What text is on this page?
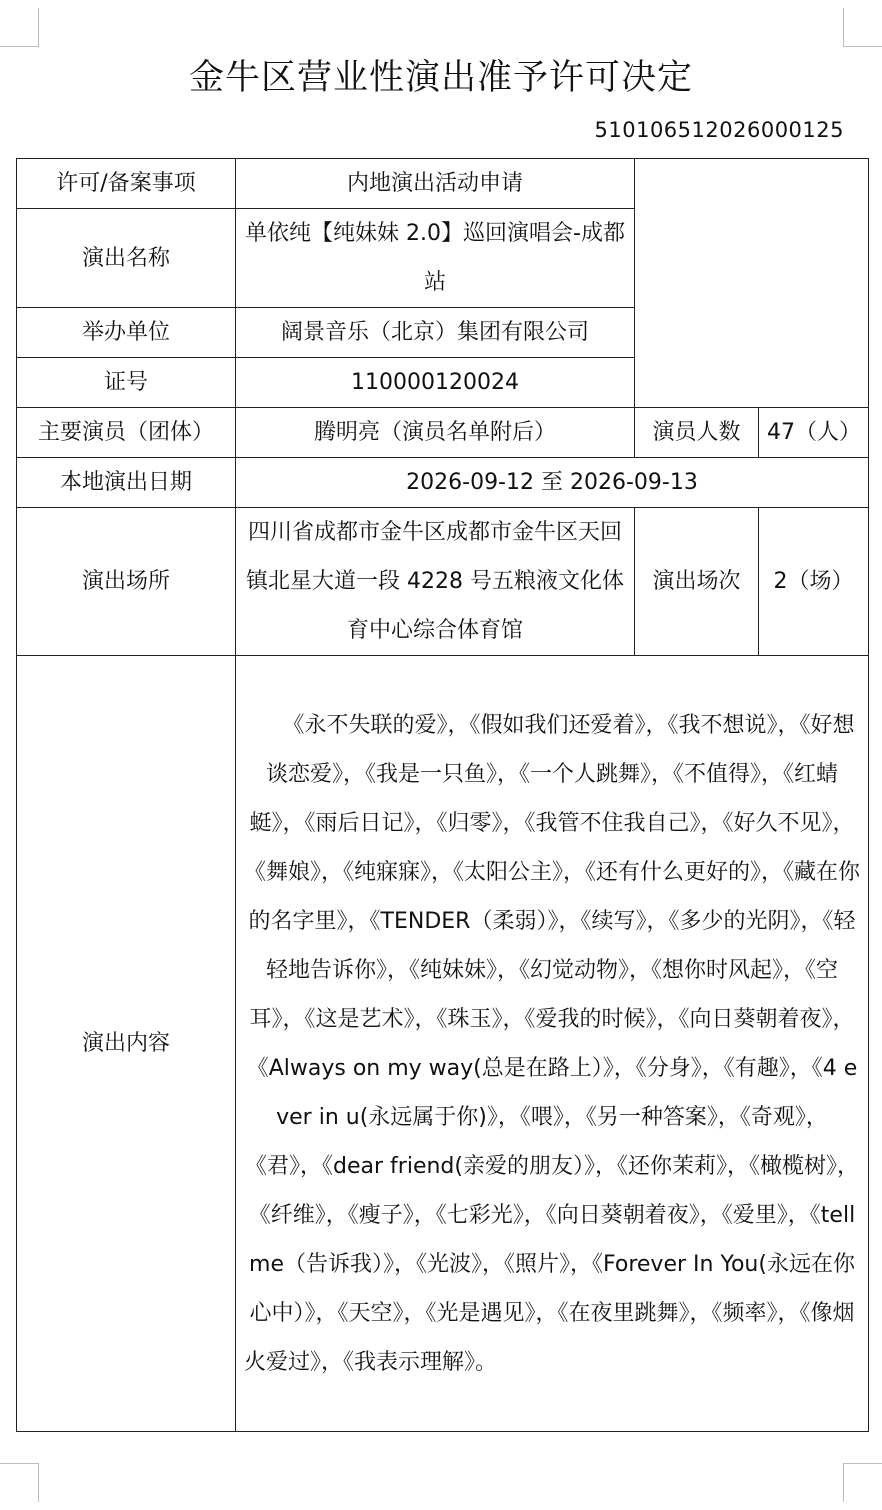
金牛区营业性演出准予许可决定
510106512026000125
许可/备案事项	内地演出活动申请		
演出名称	单依纯【纯妹妹 2.0】巡回演唱会-成都站		
举办单位	阔景音乐（北京）集团有限公司		
证号	110000120024		
主要演员（团体）	腾明亮（演员名单附后）	演员人数	47（人）
本地演出日期	2026-09-12 至 2026-09-13		
演出场所	四川省成都市金牛区成都市金牛区天回镇北星大道一段 4228 号五粮液文化体育中心综合体育馆	演出场次	2（场）
演出内容	　　《永不失联的爱》，《假如我们还爱着》，《我不想说》，《好想谈恋爱》，《我是一只鱼》，《一个人跳舞》，《不值得》，《红蜻蜓》，《雨后日记》，《归零》，《我管不住我自己》，《好久不见》，《舞娘》，《纯寐寐》，《太阳公主》，《还有什么更好的》，《藏在你的名字里》，《TENDER（柔弱）》，《续写》，《多少的光阴》，《轻轻地告诉你》，《纯妹妹》，《幻觉动物》，《想你时风起》，《空耳》，《这是艺术》，《珠玉》，《爱我的时候》，《向日葵朝着夜》，《Always on my way(总是在路上）》，《分身》，《有趣》，《4 ever in u(永远属于你)》，《喂》，《另一种答案》，《奇观》，《君》，《dear friend(亲爱的朋友）》，《还你茉莉》，《橄榄树》，《纤维》，《瘦子》，《七彩光》，《向日葵朝着夜》，《爱里》，《tell me（告诉我）》，《光波》，《照片》，《Forever In You(永远在你心中）》，《天空》，《光是遇见》，《在夜里跳舞》，《频率》，《像烟火爱过》，《我表示理解》。		
